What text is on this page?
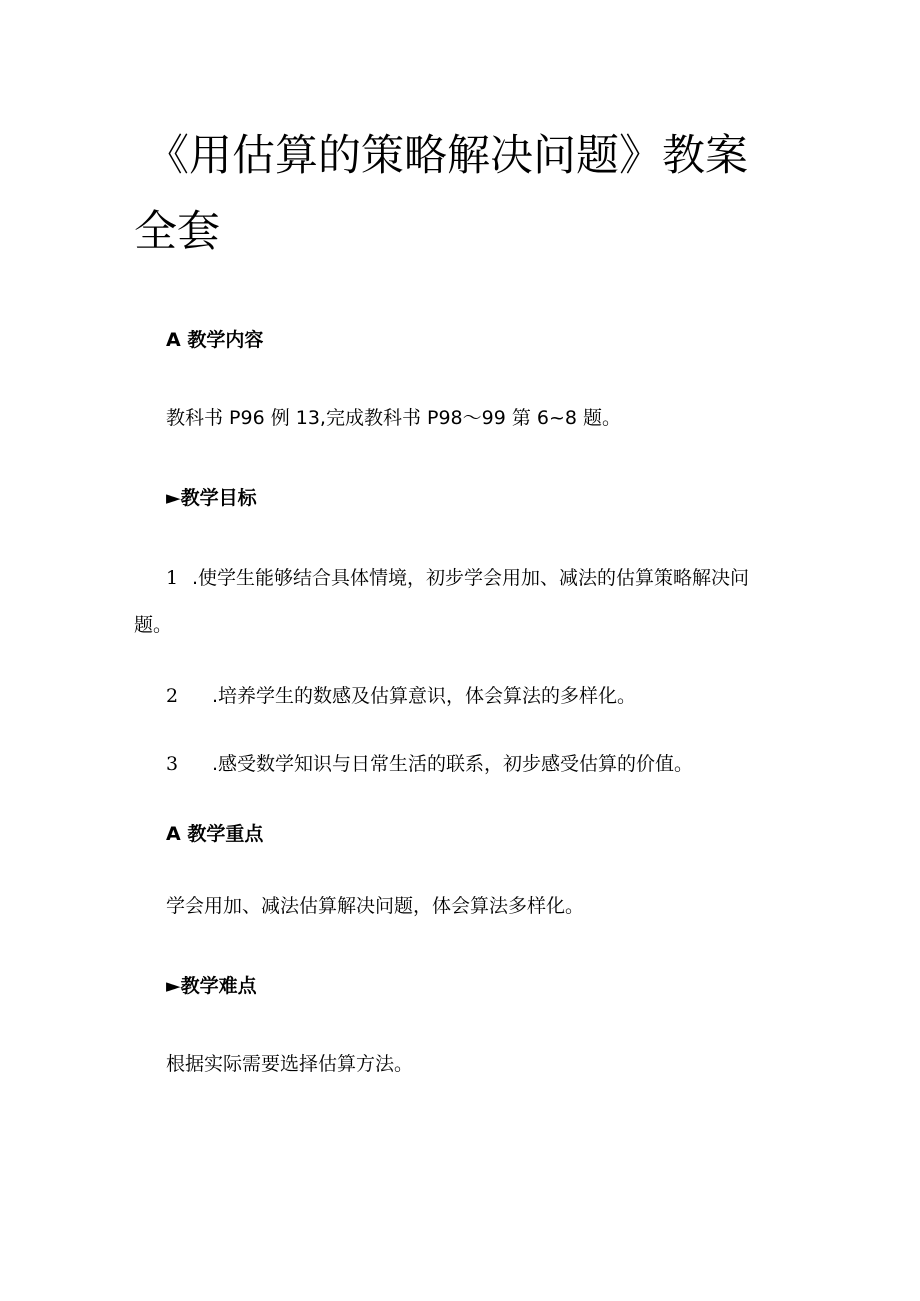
《用估算的策略解决问题》教案全套
A 教学内容
教科书 P96 例 13,完成教科书 P98～99 第 6~8 题。
►教学目标
1 .使学生能够结合具体情境，初步学会用加、减法的估算策略解决问
题。
2 .培养学生的数感及估算意识，体会算法的多样化。
3 .感受数学知识与日常生活的联系，初步感受估算的价值。
A 教学重点
学会用加、减法估算解决问题，体会算法多样化。
►教学难点
根据实际需要选择估算方法。
